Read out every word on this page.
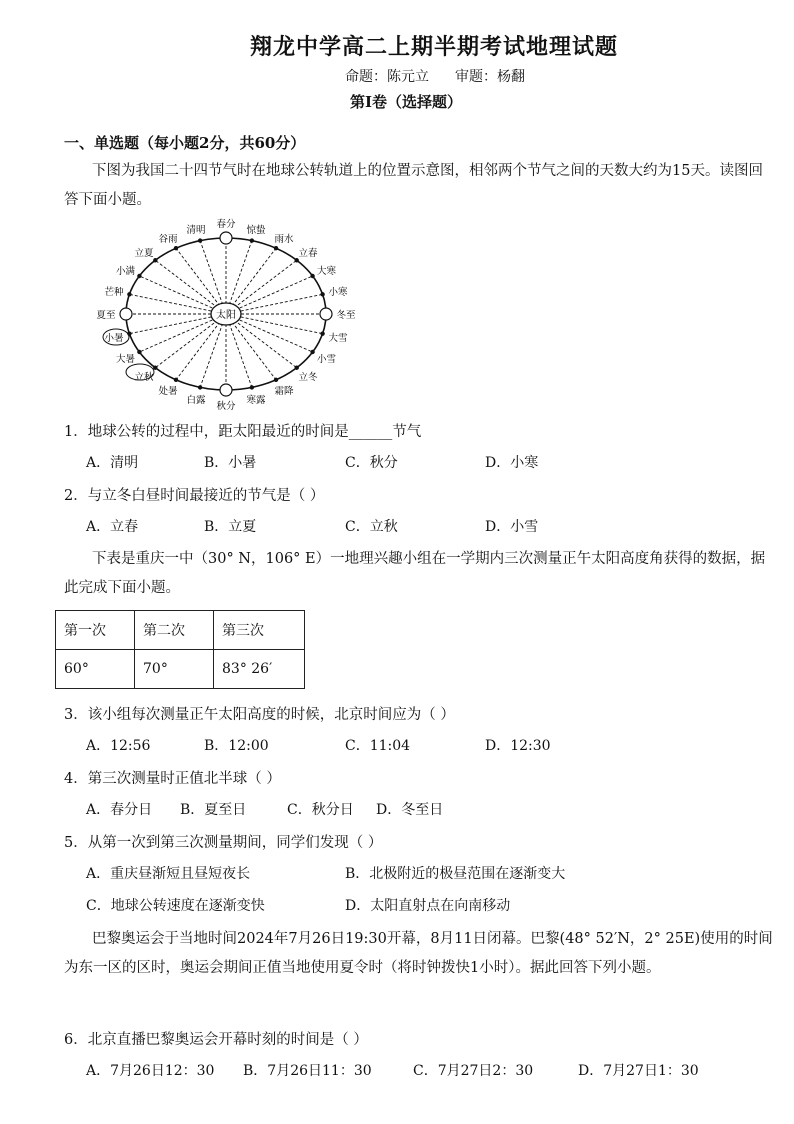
翔龙中学高二上期半期考试地理试题
命题：陈元立 审题：杨翻
第Ⅰ卷（选择题）
一、单选题（每小题2分，共60分）
下图为我国二十四节气时在地球公转轨道上的位置示意图，相邻两个节气之间的天数大约为15天。读图回答下面小题。
春分
惊蛰
雨水
立春
大寒
小寒
冬至
大雪
小雪
立冬
霜降
寒露
秋分
白露
处暑
立秋
大暑
小暑
夏至
芒种
小满
立夏
谷雨
清明
太阳
1．地球公转的过程中，距太阳最近的时间是______节气
A．清明	B．小暑	C．秋分	D．小寒
2．与立冬白昼时间最接近的节气是（ ）
A．立春	B．立夏	C．立秋	D．小雪
下表是重庆一中（30° N，106° E）一地理兴趣小组在一学期内三次测量正午太阳高度角获得的数据，据此完成下面小题。
第一次	第二次	第三次
60°	70°	83° 26′
3．该小组每次测量正午太阳高度的时候，北京时间应为（ ）
A．12:56	B．12:00	C．11:04	D．12:30
4．第三次测量时正值北半球（ ）
A．春分日 B．夏至日	C．秋分日 D．冬至日
5．从第一次到第三次测量期间，同学们发现（ ）
A．重庆昼渐短且昼短夜长	B．北极附近的极昼范围在逐渐变大
C．地球公转速度在逐渐变快	D．太阳直射点在向南移动
巴黎奥运会于当地时间2024年7月26日19:30开幕，8月11日闭幕。巴黎(48° 52′N，2° 25E)使用的时间为东一区的区时，奥运会期间正值当地使用夏令时（将时钟拨快1小时）。据此回答下列小题。
6．北京直播巴黎奥运会开幕时刻的时间是（ ）
A．7月26日12：30 B．7月26日11：30	C．7月27日2：30	D．7月27日1：30
